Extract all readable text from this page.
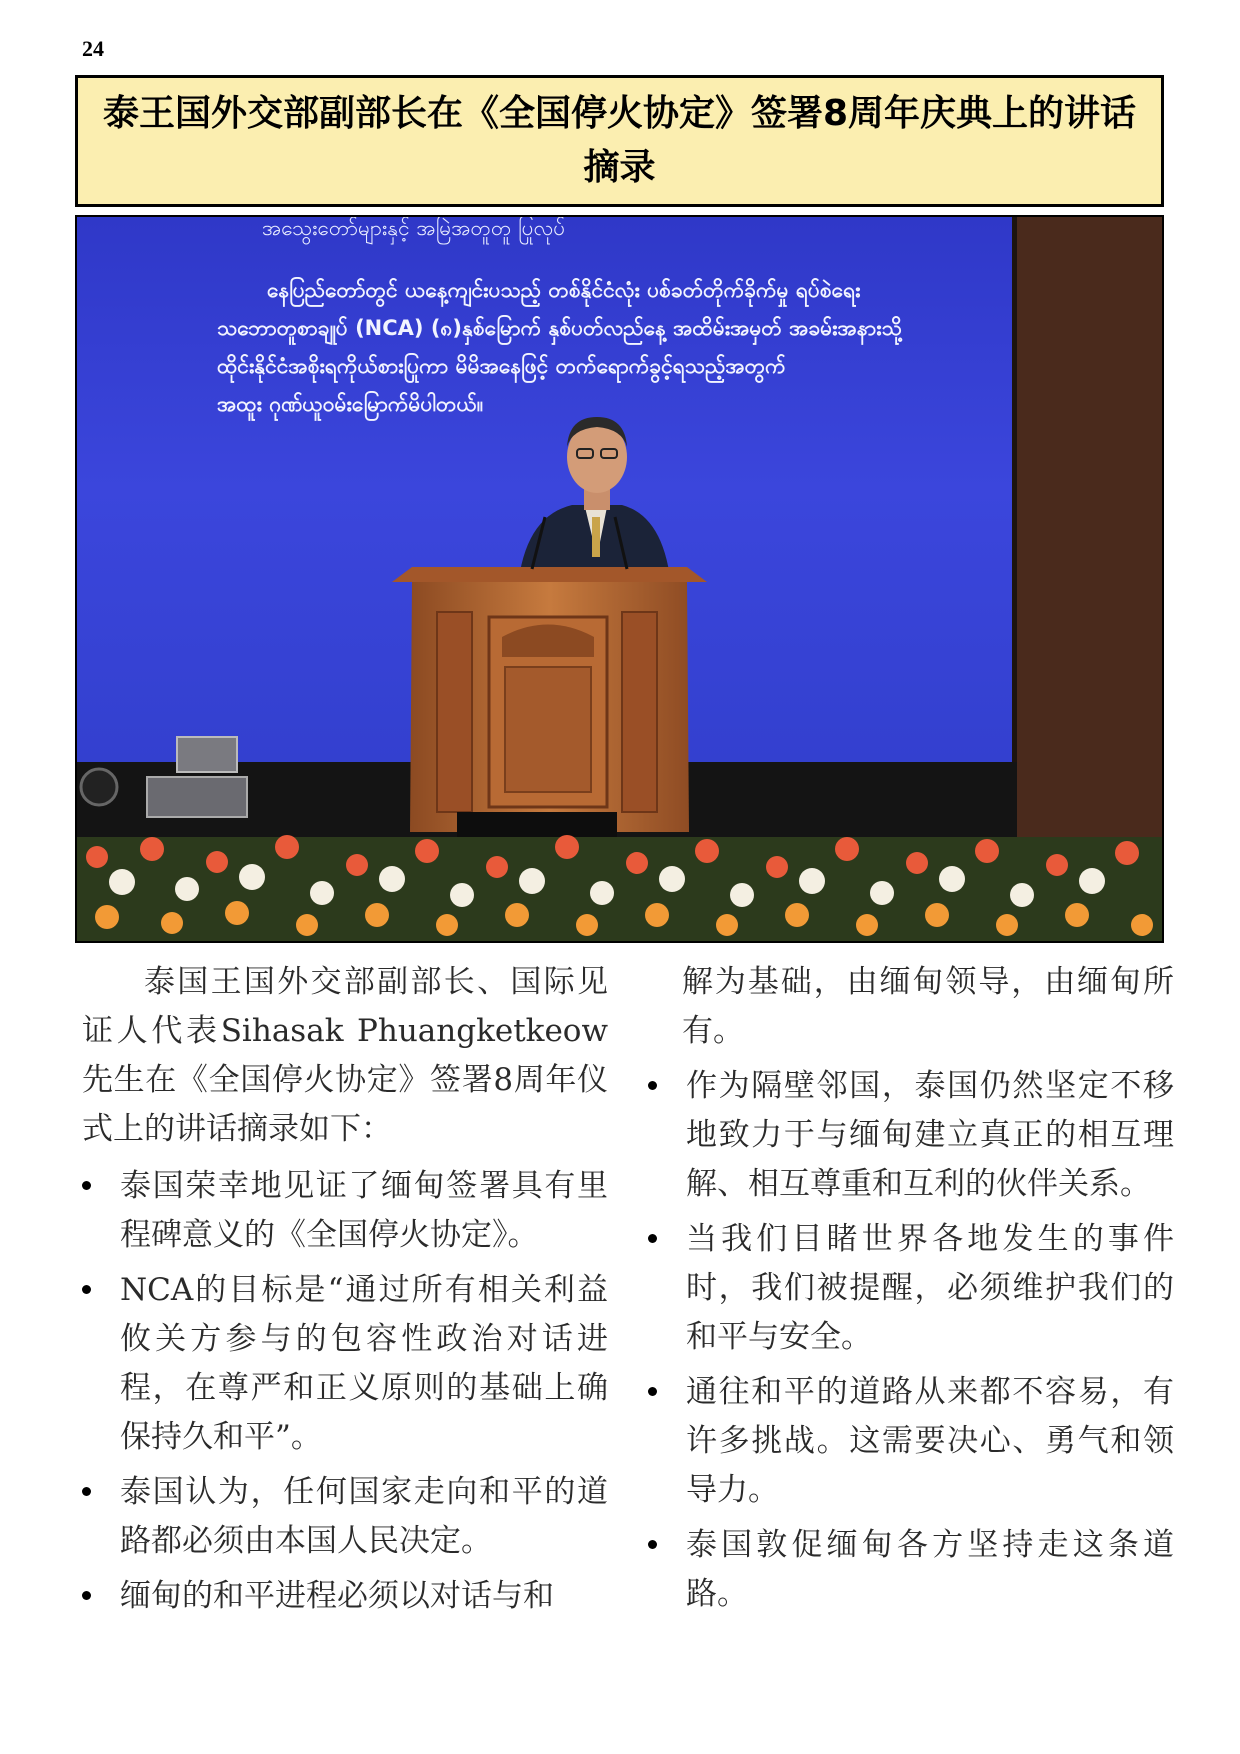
24
泰王国外交部副部长在《全国停火协定》签署8周年庆典上的讲话摘录
အသွေးတော်များနှင့် အမြဲအတူတူ ပြုလုပ်
နေပြည်တော်တွင် ယနေ့ကျင်းပသည့် တစ်နိုင်ငံလုံး ပစ်ခတ်တိုက်ခိုက်မှု ရပ်စဲရေး
သဘောတူစာချုပ် (NCA) (၈)နှစ်မြောက် နှစ်ပတ်လည်နေ့ အထိမ်းအမှတ် အခမ်းအနားသို့
ထိုင်းနိုင်ငံအစိုးရကိုယ်စားပြုကာ မိမိအနေဖြင့် တက်ရောက်ခွင့်ရသည့်အတွက်
အထူး ဂုဏ်ယူဝမ်းမြောက်မိပါတယ်။

泰国王国外交部副部长、国际见证人代表Sihasak Phuangketkeow先生在《全国停火协定》签署8周年仪式上的讲话摘录如下：

泰国荣幸地见证了缅甸签署具有里程碑意义的《全国停火协定》。
NCA的目标是“通过所有相关利益攸关方参与的包容性政治对话进程，在尊严和正义原则的基础上确保持久和平”。
泰国认为，任何国家走向和平的道路都必须由本国人民决定。
缅甸的和平进程必须以对话与和
解为基础，由缅甸领导，由缅甸所有。
作为隔壁邻国，泰国仍然坚定不移地致力于与缅甸建立真正的相互理解、相互尊重和互利的伙伴关系。
当我们目睹世界各地发生的事件时，我们被提醒，必须维护我们的和平与安全。
通往和平的道路从来都不容易，有许多挑战。这需要决心、勇气和领导力。
泰国敦促缅甸各方坚持走这条道路。
